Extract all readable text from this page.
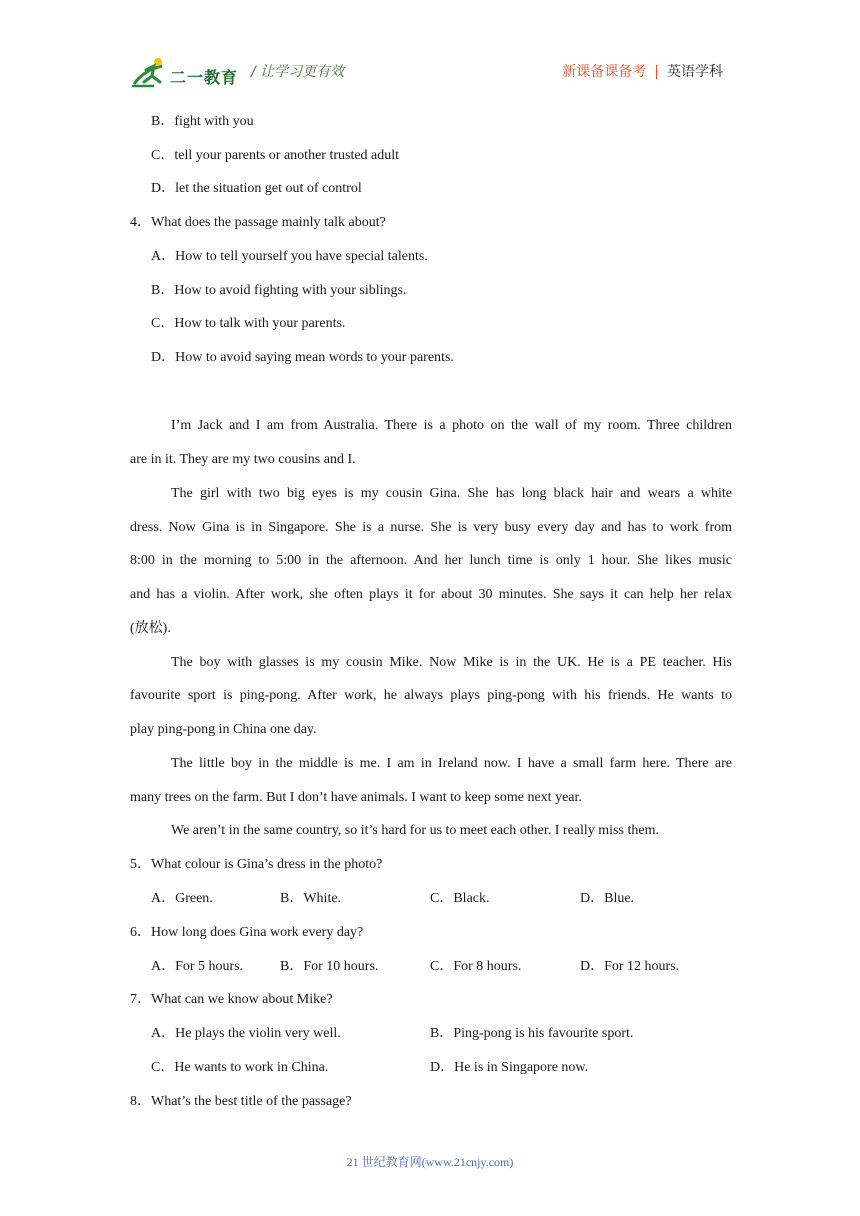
二一教育 / 让学习更有效	新课备课备考 | 英语学科
B．fight with you
C．tell your parents or another trusted adult
D．let the situation get out of control
4．What does the passage mainly talk about?
A．How to tell yourself you have special talents.
B．How to avoid fighting with your siblings.
C．How to talk with your parents.
D．How to avoid saying mean words to your parents.
I’m Jack and I am from Australia. There is a photo on the wall of my room. Three children
are in it. They are my two cousins and I.
The girl with two big eyes is my cousin Gina. She has long black hair and wears a white
dress. Now Gina is in Singapore. She is a nurse. She is very busy every day and has to work from
8:00 in the morning to 5:00 in the afternoon. And her lunch time is only 1 hour. She likes music
and has a violin. After work, she often plays it for about 30 minutes. She says it can help her relax
(放松).
The boy with glasses is my cousin Mike. Now Mike is in the UK. He is a PE teacher. His
favourite sport is ping-pong. After work, he always plays ping-pong with his friends. He wants to
play ping-pong in China one day.
The little boy in the middle is me. I am in Ireland now. I have a small farm here. There are
many trees on the farm. But I don’t have animals. I want to keep some next year.
We aren’t in the same country, so it’s hard for us to meet each other. I really miss them.
5．What colour is Gina’s dress in the photo?
A．Green.	B．White.	C．Black.	D．Blue.
6．How long does Gina work every day?
A．For 5 hours.	B．For 10 hours.	C．For 8 hours.	D．For 12 hours.
7．What can we know about Mike?
A．He plays the violin very well.	B．Ping-pong is his favourite sport.
C．He wants to work in China.	D．He is in Singapore now.
8．What’s the best title of the passage?
21 世纪教育网(www.21cnjy.com)
